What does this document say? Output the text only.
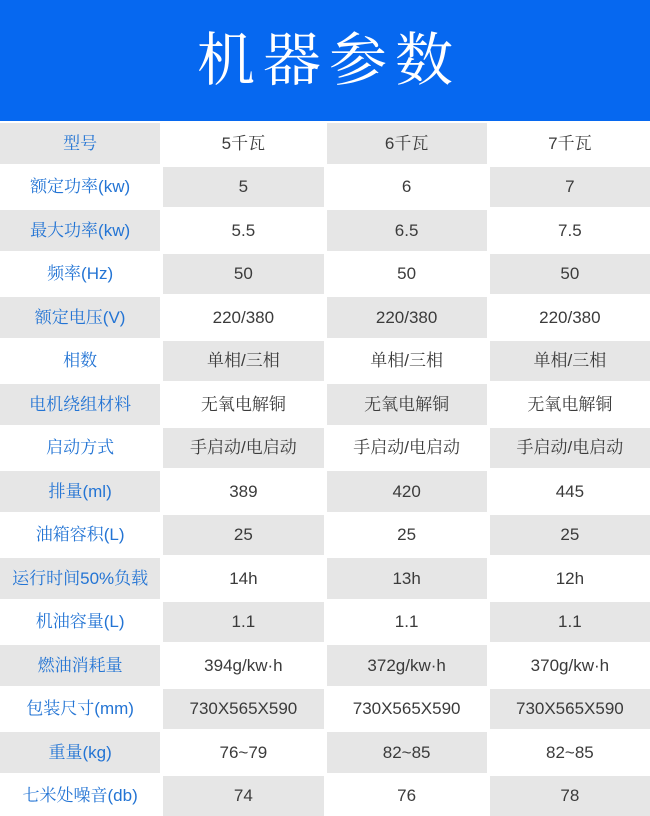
机器参数
型号	5千瓦	6千瓦	7千瓦
额定功率(kw)	5	6	7
最大功率(kw)	5.5	6.5	7.5
频率(Hz)	50	50	50
额定电压(V)	220/380	220/380	220/380
相数	单相/三相	单相/三相	单相/三相
电机绕组材料	无氧电解铜	无氧电解铜	无氧电解铜
启动方式	手启动/电启动	手启动/电启动	手启动/电启动
排量(ml)	389	420	445
油箱容积(L)	25	25	25
运行时间50%负载	14h	13h	12h
机油容量(L)	1.1	1.1	1.1
燃油消耗量	394g/kw·h	372g/kw·h	370g/kw·h
包装尺寸(mm)	730X565X590	730X565X590	730X565X590
重量(kg)	76~79	82~85	82~85
七米处噪音(db)	74	76	78
